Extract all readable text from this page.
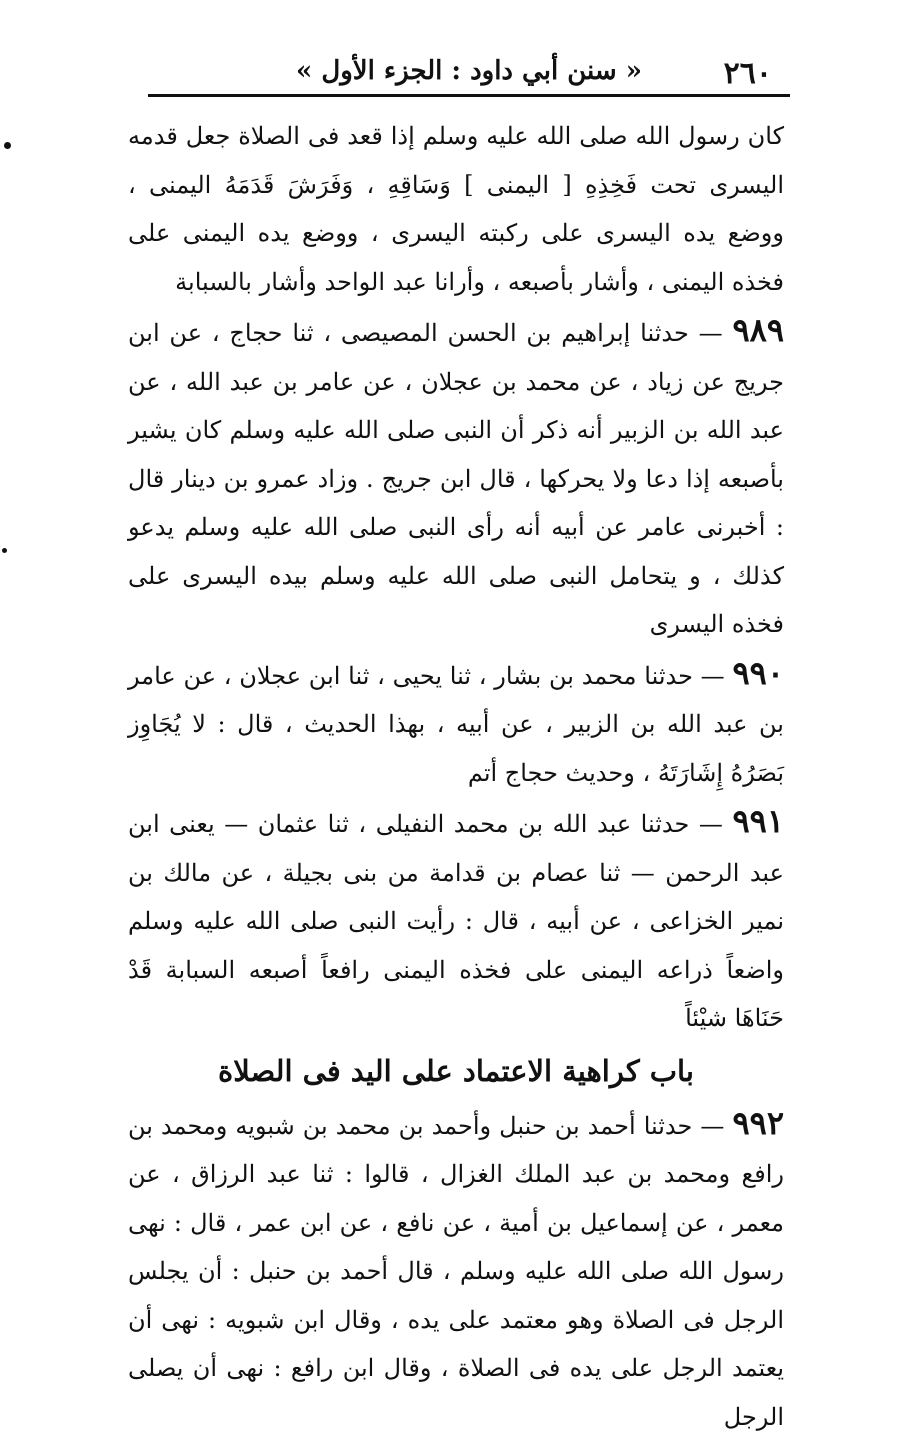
٢٦٠
« سنن أبي داود : الجزء الأول »

كان رسول الله صلى الله عليه وسلم إذا قعد فى الصلاة جعل قدمه اليسرى تحت فَخِذِهِ [ اليمنى ] وَسَاقِهِ ، وَفَرَشَ قَدَمَهُ اليمنى ، ووضع يده اليسرى على ركبته اليسرى ، ووضع يده اليمنى على فخذه اليمنى ، وأشار بأصبعه ، وأرانا عبد الواحد وأشار بالسبابة

٩٨٩ — حدثنا إبراهيم بن الحسن المصيصى ، ثنا حجاج ، عن ابن جريج عن زياد ، عن محمد بن عجلان ، عن عامر بن عبد الله ، عن عبد الله بن الزبير أنه ذكر أن النبى صلى الله عليه وسلم كان يشير بأصبعه إذا دعا ولا يحركها ، قال ابن جريج . وزاد عمرو بن دينار قال : أخبرنى عامر عن أبيه أنه رأى النبى صلى الله عليه وسلم يدعو كذلك ، و يتحامل النبى صلى الله عليه وسلم بيده اليسرى على فخذه اليسرى

٩٩٠ — حدثنا محمد بن بشار ، ثنا يحيى ، ثنا ابن عجلان ، عن عامر بن عبد الله بن الزبير ، عن أبيه ، بهذا الحديث ، قال : لا يُجَاوِز بَصَرُهُ إِشَارَتَهُ ، وحديث حجاج أتم

٩٩١ — حدثنا عبد الله بن محمد النفيلى ، ثنا عثمان — يعنى ابن عبد الرحمن — ثنا عصام بن قدامة من بنى بجيلة ، عن مالك بن نمير الخزاعى ، عن أبيه ، قال : رأيت النبى صلى الله عليه وسلم واضعاً ذراعه اليمنى على فخذه اليمنى رافعاً أصبعه السبابة قَدْ حَنَاهَا شيْئاً

باب كراهية الاعتماد على اليد فى الصلاة

٩٩٢ — حدثنا أحمد بن حنبل وأحمد بن محمد بن شبويه ومحمد بن رافع ومحمد بن عبد الملك الغزال ، قالوا : ثنا عبد الرزاق ، عن معمر ، عن إسماعيل بن أمية ، عن نافع ، عن ابن عمر ، قال : نهى رسول الله صلى الله عليه وسلم ، قال أحمد بن حنبل : أن يجلس الرجل فى الصلاة وهو معتمد على يده ، وقال ابن شبويه : نهى أن يعتمد الرجل على يده فى الصلاة ، وقال ابن رافع : نهى أن يصلى الرجل
